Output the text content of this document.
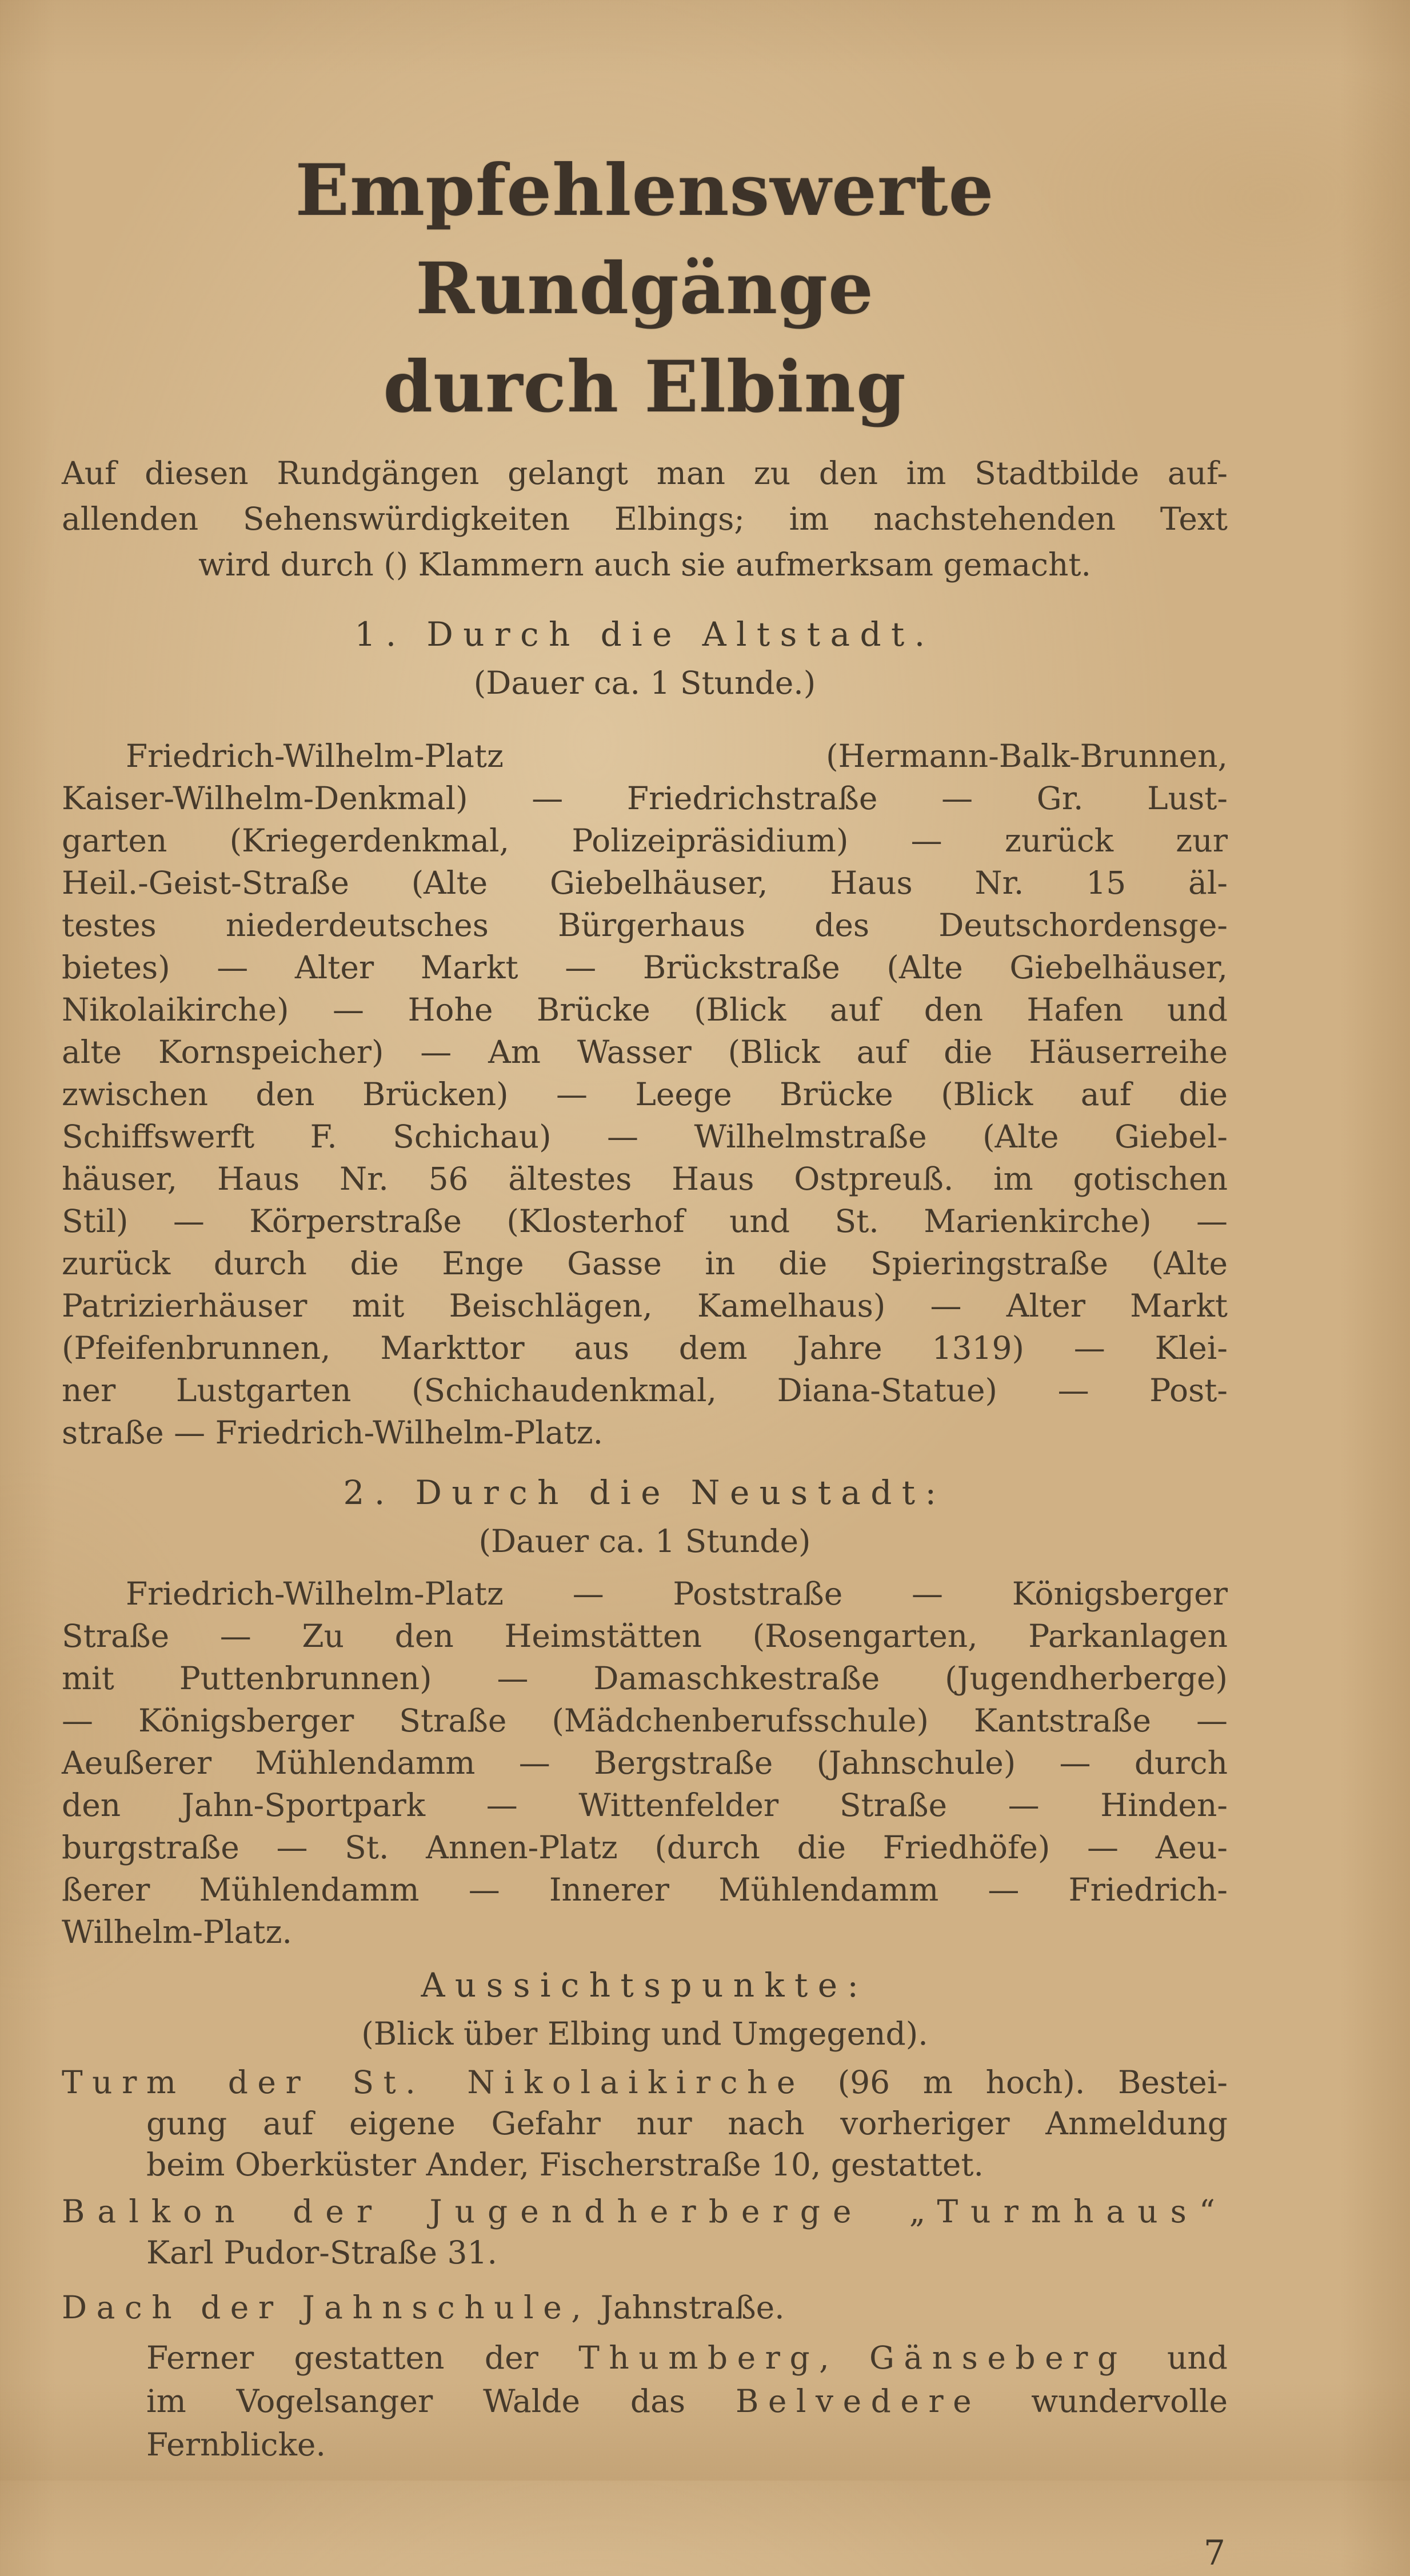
Empfehlenswerte Rundgänge
durch Elbing
Auf diesen Rundgängen gelangt man zu den im Stadtbilde auf-
allenden Sehenswürdigkeiten Elbings; im nachstehenden Text
wird durch () Klammern auch sie aufmerksam gemacht.
1. Durch die Altstadt.
(Dauer ca. 1 Stunde.)
Friedrich-Wilhelm-Platz (Hermann-Balk-Brunnen,
Kaiser-Wilhelm-Denkmal) — Friedrichstraße — Gr. Lust-
garten (Kriegerdenkmal, Polizeipräsidium) — zurück zur
Heil.-Geist-Straße (Alte Giebelhäuser, Haus Nr. 15 äl-
testes niederdeutsches Bürgerhaus des Deutschordensge-
bietes) — Alter Markt — Brückstraße (Alte Giebelhäuser,
Nikolaikirche) — Hohe Brücke (Blick auf den Hafen und
alte Kornspeicher) — Am Wasser (Blick auf die Häuserreihe
zwischen den Brücken) — Leege Brücke (Blick auf die
Schiffswerft F. Schichau) — Wilhelmstraße (Alte Giebel-
häuser, Haus Nr. 56 ältestes Haus Ostpreuß. im gotischen
Stil) — Körperstraße (Klosterhof und St. Marienkirche) —
zurück durch die Enge Gasse in die Spieringstraße (Alte
Patrizierhäuser mit Beischlägen, Kamelhaus) — Alter Markt
(Pfeifenbrunnen, Markttor aus dem Jahre 1319) — Klei-
ner Lustgarten (Schichaudenkmal, Diana-Statue) — Post-
straße — Friedrich-Wilhelm-Platz.
2. Durch die Neustadt:
(Dauer ca. 1 Stunde)
Friedrich-Wilhelm-Platz — Poststraße — Königsberger
Straße — Zu den Heimstätten (Rosengarten, Parkanlagen
mit Puttenbrunnen) — Damaschkestraße (Jugendherberge)
— Königsberger Straße (Mädchenberufsschule) Kantstraße —
Aeußerer Mühlendamm — Bergstraße (Jahnschule) — durch
den Jahn-Sportpark — Wittenfelder Straße — Hinden-
burgstraße — St. Annen-Platz (durch die Friedhöfe) — Aeu-
ßerer Mühlendamm — Innerer Mühlendamm — Friedrich-
Wilhelm-Platz.
Aussichtspunkte:
(Blick über Elbing und Umgegend).
Turm der St. Nikolaikirche (96 m hoch). Bestei-
gung auf eigene Gefahr nur nach vorheriger Anmeldung
beim Oberküster Ander, Fischerstraße 10, gestattet.
Balkon der Jugendherberge „Turmhaus“
Karl Pudor-Straße 31.
Dach der Jahnschule, Jahnstraße.
Ferner gestatten der Thumberg, Gänseberg und
im Vogelsanger Walde das Belvedere wundervolle
Fernblicke.
7
